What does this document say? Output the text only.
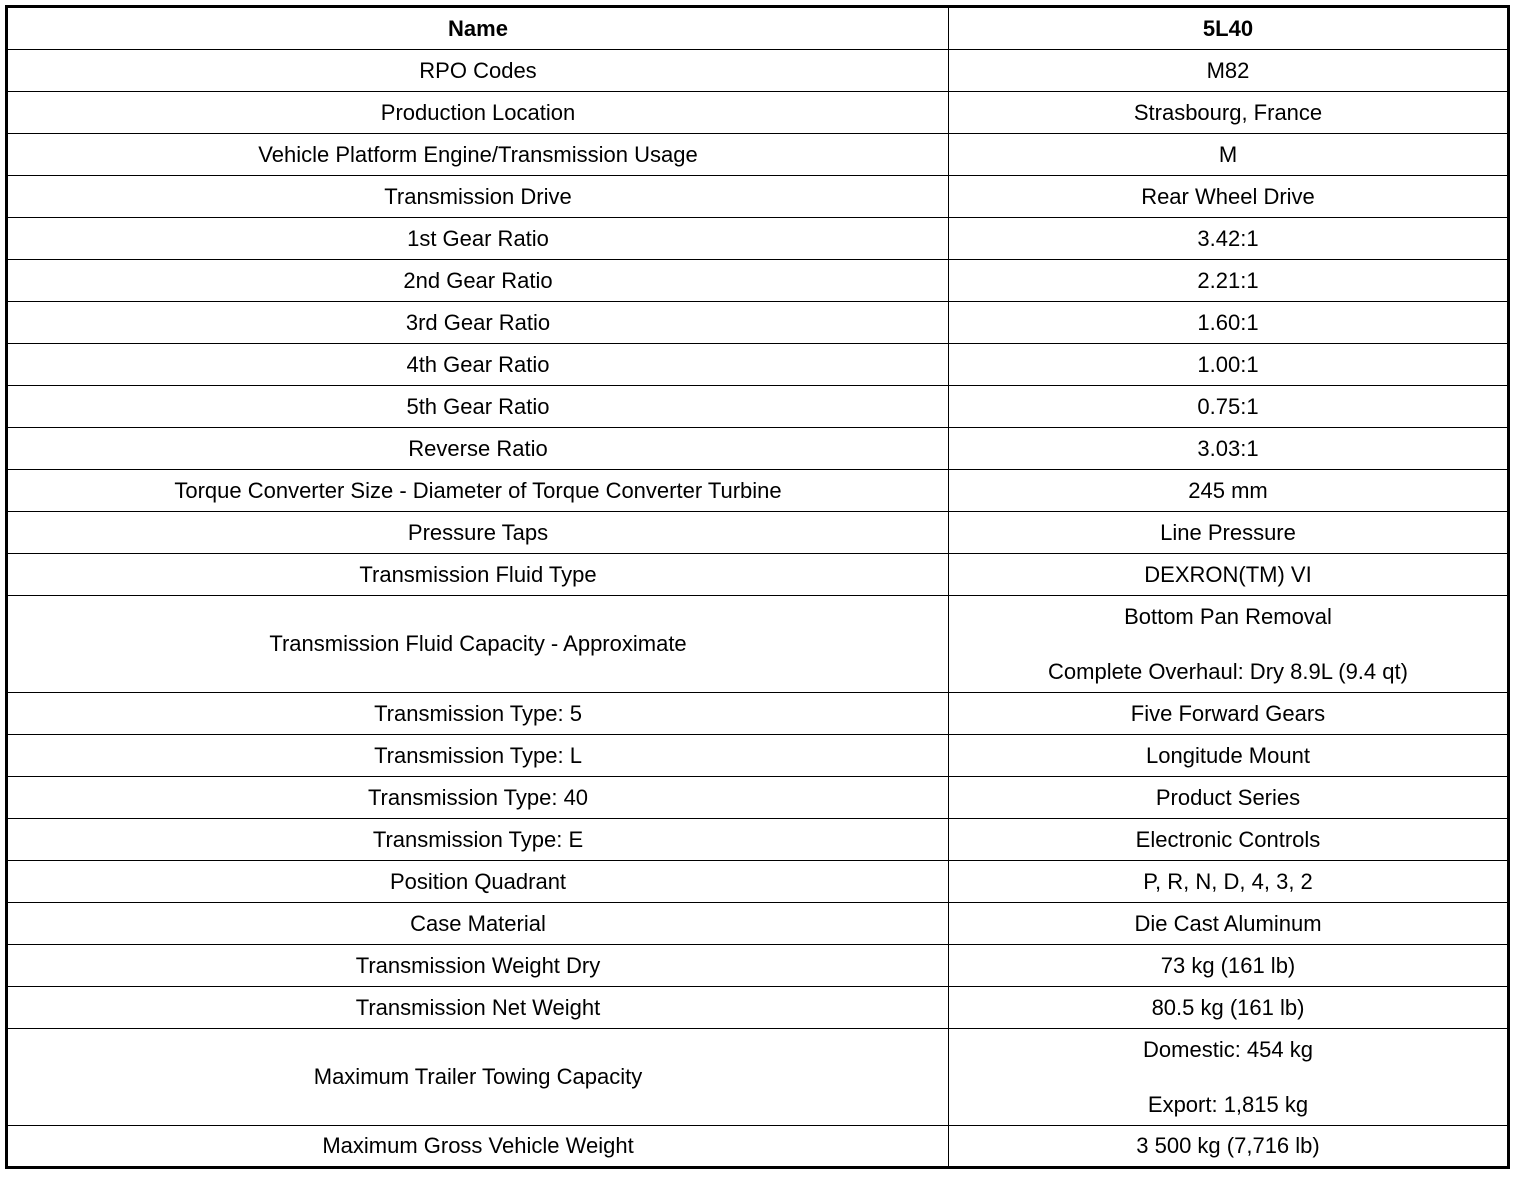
Name	5L40
RPO Codes	M82

Production Location	Strasbourg, France

Vehicle Platform Engine/Transmission Usage	M

Transmission Drive	Rear Wheel Drive

1st Gear Ratio	3.42:1

2nd Gear Ratio	2.21:1

3rd Gear Ratio	1.60:1

4th Gear Ratio	1.00:1

5th Gear Ratio	0.75:1

Reverse Ratio	3.03:1

Torque Converter Size - Diameter of Torque Converter Turbine	245 mm

Pressure Taps	Line Pressure

Transmission Fluid Type	DEXRON(TM) VI

Transmission Fluid Capacity - Approximate	Bottom Pan Removal
Complete Overhaul: Dry 8.9L (9.4 qt)

Transmission Type: 5	Five Forward Gears

Transmission Type: L	Longitude Mount

Transmission Type: 40	Product Series

Transmission Type: E	Electronic Controls

Position Quadrant	P, R, N, D, 4, 3, 2

Case Material	Die Cast Aluminum

Transmission Weight Dry	73 kg (161 lb)

Transmission Net Weight	80.5 kg (161 lb)

Maximum Trailer Towing Capacity	Domestic: 454 kg
Export: 1,815 kg

Maximum Gross Vehicle Weight	3 500 kg (7,716 lb)
